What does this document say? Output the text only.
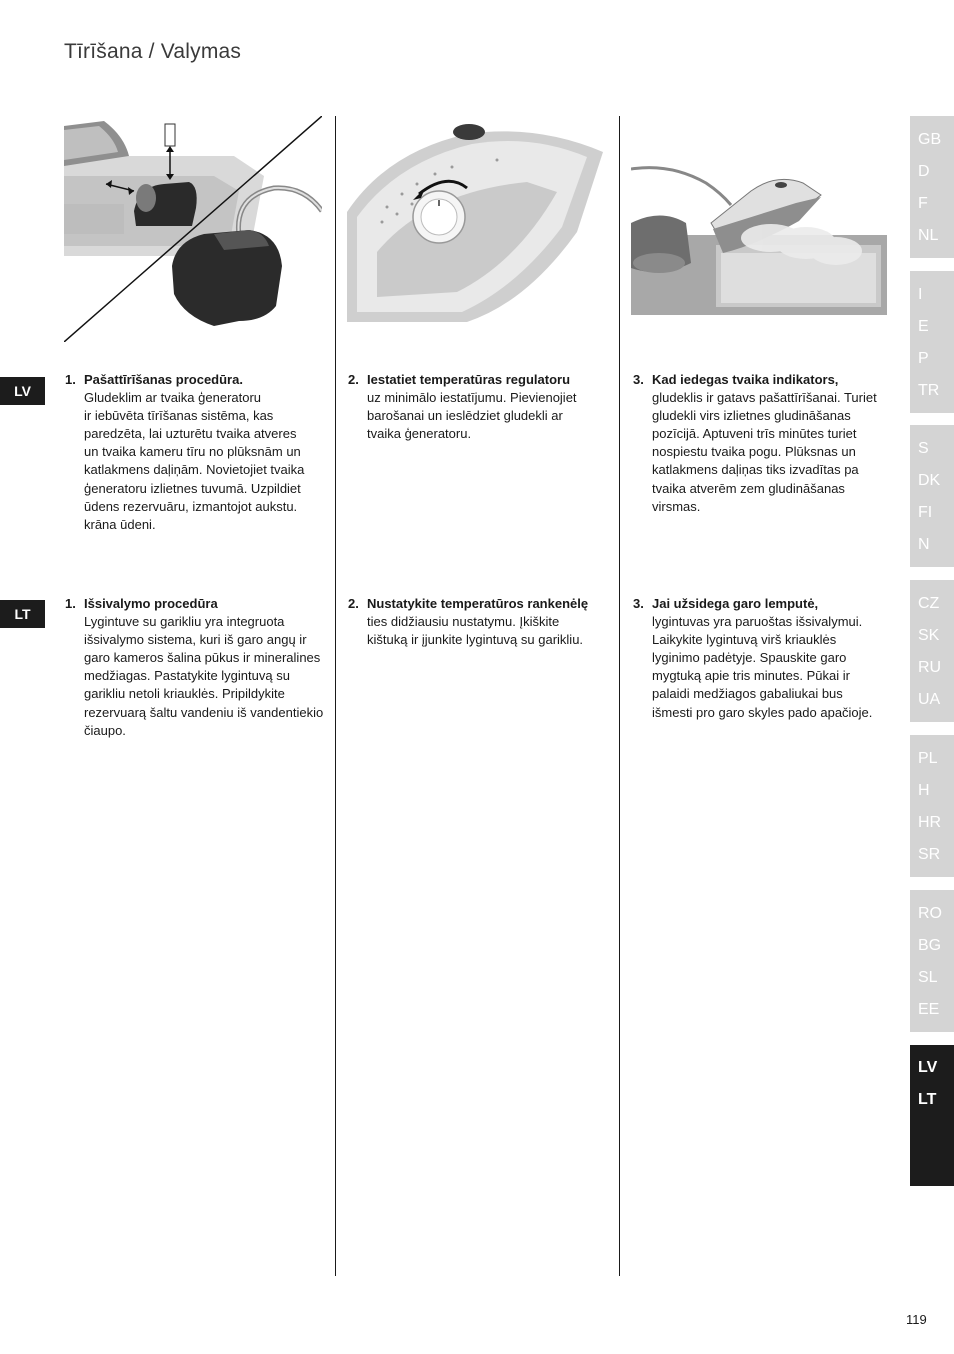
Tīrīšana / Valymas
LV
LT
1. Pašattīrīšanas procedūra.
Gludeklim ar tvaika ģeneratoru
ir iebūvēta tīrīšanas sistēma, kas
paredzēta, lai uzturētu tvaika atveres
un tvaika kameru tīru no plūksnām un
katlakmens daļiņām. Novietojiet tvaika
ģeneratoru izlietnes tuvumā. Uzpildiet
ūdens rezervuāru, izmantojot aukstu.
krāna ūdeni.
2. Iestatiet temperatūras regulatoru
uz minimālo iestatījumu. Pievienojiet
barošanai un ieslēdziet gludekli ar
tvaika ģeneratoru.
3. Kad iedegas tvaika indikators,
gludeklis ir gatavs pašattīrīšanai. Turiet
gludekli virs izlietnes gludināšanas
pozīcijā. Aptuveni trīs minūtes turiet
nospiestu tvaika pogu. Plūksnas un
katlakmens daļiņas tiks izvadītas pa
tvaika atverēm zem gludināšanas
virsmas.
1. Išsivalymo procedūra
Lygintuve su garikliu yra integruota
išsivalymo sistema, kuri iš garo angų ir
garo kameros šalina pūkus ir mineralines
medžiagas. Pastatykite lygintuvą su
garikliu netoli kriauklės. Pripildykite
rezervuarą šaltu vandeniu iš vandentiekio
čiaupo.
2. Nustatykite temperatūros rankenėlę
ties didžiausiu nustatymu. Įkiškite
kištuką ir įjunkite lygintuvą su garikliu.
3. Jai užsidega garo lemputė,
lygintuvas yra paruoštas išsivalymui.
Laikykite lygintuvą virš kriauklės
lyginimo padėtyje. Spauskite garo
mygtuką apie tris minutes. Pūkai ir
palaidi medžiagos gabaliukai bus
išmesti pro garo skyles pado apačioje.
GB
D
F
NL
I
E
P
TR
S
DK
FI
N
CZ
SK
RU
UA
PL
H
HR
SR
RO
BG
SL
EE
LV
LT
119
